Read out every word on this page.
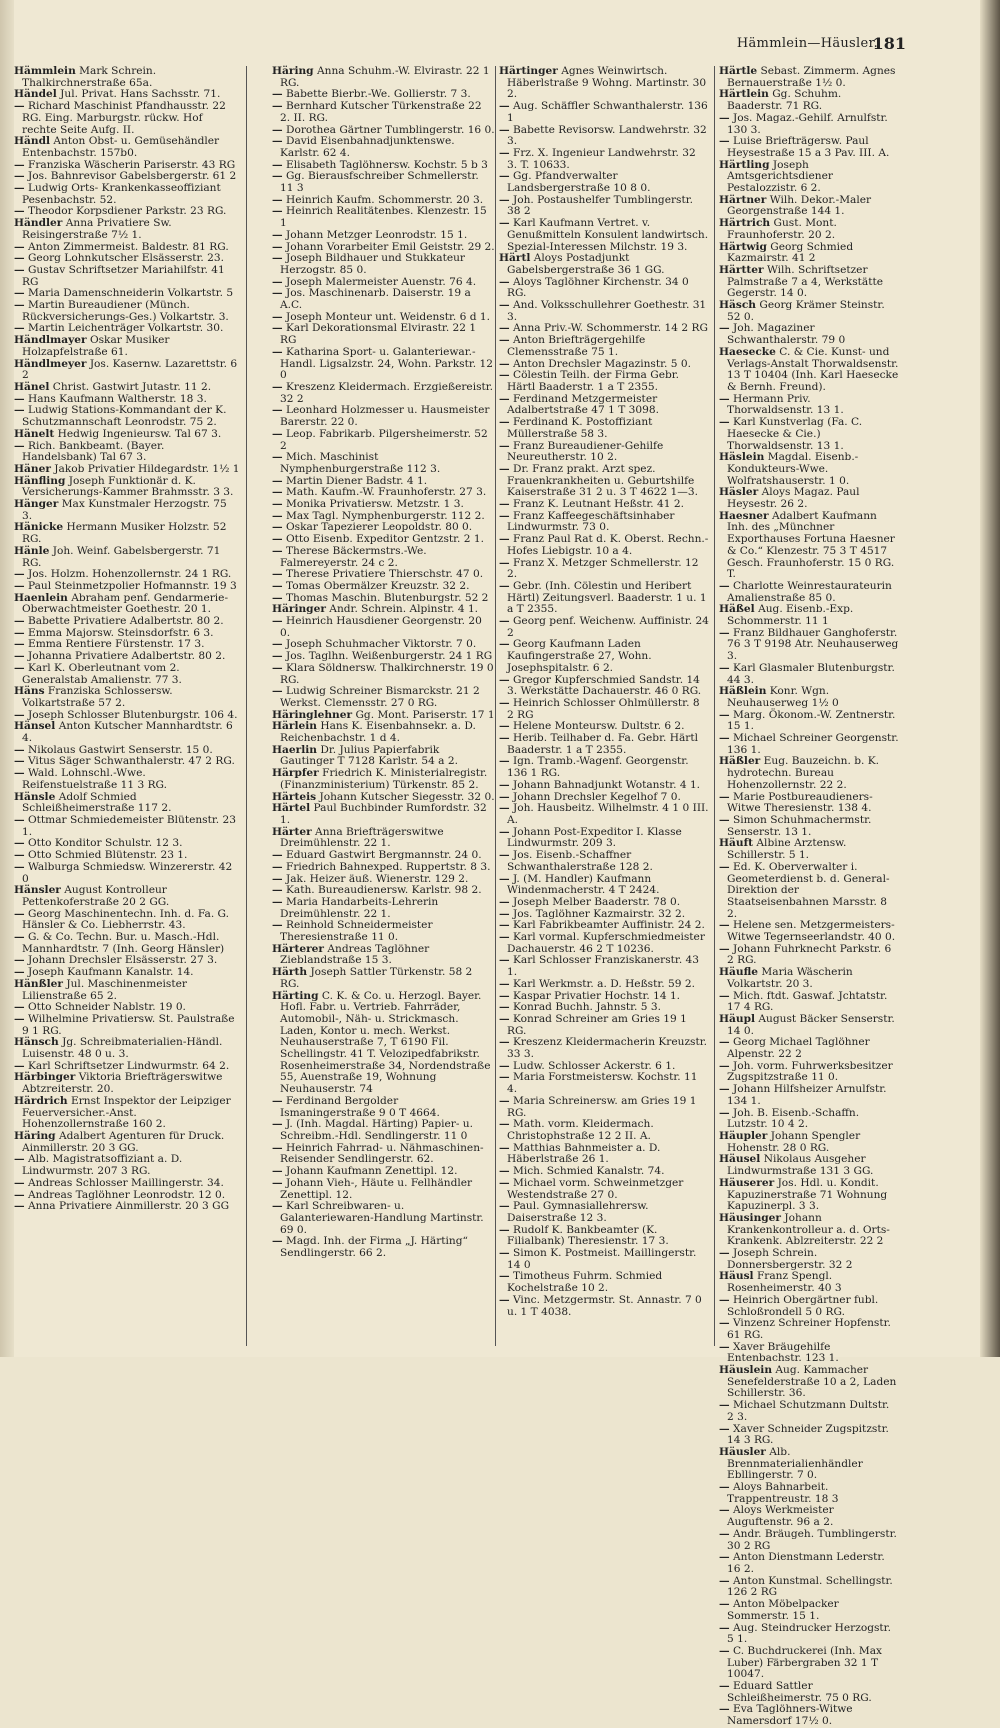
Hämmlein—Häusler.
181

Hämmlein Mark Schrein. Thalkirchnerstraße 65a.

Händel Jul. Privat. Hans Sachsstr. 71.

— Richard Maschinist Pfandhausstr. 22 RG. Eing. Marburgstr. rückw. Hof rechte Seite Aufg. II.

Händl Anton Obst- u. Gemüsehändler Entenbachstr. 157b0.

— Franziska Wäscherin Pariserstr. 43 RG

— Jos. Bahnrevisor Gabelsbergerstr. 61 2

— Ludwig Orts- Krankenkasseoffiziant Pesenbachstr. 52.

— Theodor Korpsdiener Parkstr. 23 RG.

Händler Anna Privatiere Sw. Reisingerstraße 7½ 1.

— Anton Zimmermeist. Baldestr. 81 RG.

— Georg Lohnkutscher Elsässerstr. 23.

— Gustav Schriftsetzer Mariahilfstr. 41 RG

— Maria Damenschneiderin Volkartstr. 5

— Martin Bureaudiener (Münch. Rückversicherungs-Ges.) Volkartstr. 3.

— Martin Leichenträger Volkartstr. 30.

Händlmayer Oskar Musiker Holzapfelstraße 61.

Händlmeyer Jos. Kasernw. Lazarettstr. 6 2

Hänel Christ. Gastwirt Jutastr. 11 2.

— Hans Kaufmann Waltherstr. 18 3.

— Ludwig Stations-Kommandant der K. Schutzmannschaft Leonrodstr. 75 2.

Hänelt Hedwig Ingenieursw. Tal 67 3.

— Rich. Bankbeamt. (Bayer. Handelsbank) Tal 67 3.

Häner Jakob Privatier Hildegardstr. 1½ 1

Hänfling Joseph Funktionär d. K. Versicherungs-Kammer Brahmsstr. 3 3.

Hänger Max Kunstmaler Herzogstr. 75 3.

Hänicke Hermann Musiker Holzstr. 52 RG.

Hänle Joh. Weinf. Gabelsbergerstr. 71 RG.

— Jos. Holzm. Hohenzollernstr. 24 1 RG.

— Paul Steinmetzpolier Hofmannstr. 19 3

Haenlein Abraham penf. Gendarmerie-Oberwachtmeister Goethestr. 20 1.

— Babette Privatiere Adalbertstr. 80 2.

— Emma Majorsw. Steinsdorfstr. 6 3.

— Emma Rentiere Fürstenstr. 17 3.

— Johanna Privatiere Adalbertstr. 80 2.

— Karl K. Oberleutnant vom 2. Generalstab Amalienstr. 77 3.

Häns Franziska Schlossersw. Volkartstraße 57 2.

— Joseph Schlosser Blutenburgstr. 106 4.

Hänsel Anton Kutscher Mannhardtstr. 6 4.

— Nikolaus Gastwirt Senserstr. 15 0.

— Vitus Säger Schwanthalerstr. 47 2 RG.

— Wald. Lohnschl.-Wwe. Reifenstuelstraße 11 3 RG.

Hänsle Adolf Schmied Schleißheimerstraße 117 2.

— Ottmar Schmiedemeister Blütenstr. 23 1.

— Otto Konditor Schulstr. 12 3.

— Otto Schmied Blütenstr. 23 1.

— Walburga Schmiedsw. Winzererstr. 42 0

Hänsler August Kontrolleur Pettenkoferstraße 20 2 GG.

— Georg Maschinentechn. Inh. d. Fa. G. Hänsler & Co. Liebherrstr. 43.

— G. & Co. Techn. Bur. u. Masch.-Hdl. Mannhardtstr. 7 (Inh. Georg Hänsler)

— Johann Drechsler Elsässerstr. 27 3.

— Joseph Kaufmann Kanalstr. 14.

Hänßler Jul. Maschinenmeister Lilienstraße 65 2.

— Otto Schneider Nablstr. 19 0.

— Wilhelmine Privatiersw. St. Paulstraße 9 1 RG.

Hänsch Jg. Schreibmaterialien-Händl. Luisenstr. 48 0 u. 3.

— Karl Schriftsetzer Lindwurmstr. 64 2.

Härbinger Viktoria Briefträgerswitwe Abtzreiterstr. 20.

Härdrich Ernst Inspektor der Leipziger Feuerversicher.-Anst. Hohenzollernstraße 160 2.

Häring Adalbert Agenturen für Druck. Ainmillerstr. 20 3 GG.

— Alb. Magistratsoffiziant a. D. Lindwurmstr. 207 3 RG.

— Andreas Schlosser Maillingerstr. 34.

— Andreas Taglöhner Leonrodstr. 12 0.

— Anna Privatiere Ainmillerstr. 20 3 GG

Häring Anna Schuhm.-W. Elvirastr. 22 1 RG.

— Babette Bierbr.-We. Gollierstr. 7 3.

— Bernhard Kutscher Türkenstraße 22 2. II. RG.

— Dorothea Gärtner Tumblingerstr. 16 0.

— David Eisenbahnadjunktenswe. Karlstr. 62 4.

— Elisabeth Taglöhnersw. Kochstr. 5 b 3

— Gg. Bierausfschreiber Schmellerstr. 11 3

— Heinrich Kaufm. Schommerstr. 20 3.

— Heinrich Realitätenbes. Klenzestr. 15 1

— Johann Metzger Leonrodstr. 15 1.

— Johann Vorarbeiter Emil Geiststr. 29 2.

— Joseph Bildhauer und Stukkateur Herzogstr. 85 0.

— Joseph Malermeister Auenstr. 76 4.

— Jos. Maschinenarb. Daiserstr. 19 a A.C.

— Joseph Monteur unt. Weidenstr. 6 d 1.

— Karl Dekorationsmal Elvirastr. 22 1 RG

— Katharina Sport- u. Galanteriewar.-Handl. Ligsalzstr. 24, Wohn. Parkstr. 12 0

— Kreszenz Kleidermach. Erzgießereistr. 32 2

— Leonhard Holzmesser u. Hausmeister Barerstr. 22 0.

— Leop. Fabrikarb. Pilgersheimerstr. 52 2

— Mich. Maschinist Nymphenburgerstraße 112 3.

— Martin Diener Badstr. 4 1.

— Math. Kaufm.-W. Fraunhoferstr. 27 3.

— Monika Privatiersw. Metzstr. 1 3.

— Max Tagl. Nymphenburgerstr. 112 2.

— Oskar Tapezierer Leopoldstr. 80 0.

— Otto Eisenb. Expeditor Gentzstr. 2 1.

— Therese Bäckermstrs.-We. Falmereyerstr. 24 c 2.

— Therese Privatiere Thierschstr. 47 0.

— Tomas Obermälzer Kreuzstr. 32 2.

— Thomas Maschin. Blutenburgstr. 52 2

Häringer Andr. Schrein. Alpinstr. 4 1.

— Heinrich Hausdiener Georgenstr. 20 0.

— Joseph Schuhmacher Viktorstr. 7 0.

— Jos. Taglhn. Weißenburgerstr. 24 1 RG

— Klara Söldnersw. Thalkirchnerstr. 19 0 RG.

— Ludwig Schreiner Bismarckstr. 21 2 Werkst. Clemensstr. 27 0 RG.

Häringlehner Gg. Mont. Pariserstr. 17 1

Härlein Hans K. Eisenbahnsekr. a. D. Reichenbachstr. 1 d 4.

Haerlin Dr. Julius Papierfabrik Gautinger T 7128 Karlstr. 54 a 2.

Härpfer Friedrich K. Ministerialregistr. (Finanzministerium) Türkenstr. 85 2.

Härteis Johann Kutscher Siegesstr. 32 0.

Härtel Paul Buchbinder Rumfordstr. 32 1.

Härter Anna Briefträgerswitwe Dreimühlenstr. 22 1.

— Eduard Gastwirt Bergmannstr. 24 0.

— Friedrich Bahnexped. Ruppertstr. 8 3.

— Jak. Heizer äuß. Wienerstr. 129 2.

— Kath. Bureaudienersw. Karlstr. 98 2.

— Maria Handarbeits-Lehrerin Dreimühlenstr. 22 1.

— Reinhold Schneidermeister Theresienstraße 11 0.

Härterer Andreas Taglöhner Zieblandstraße 15 3.

Härth Joseph Sattler Türkenstr. 58 2 RG.

Härting C. K. & Co. u. Herzogl. Bayer. Hofl. Fabr. u. Vertrieb. Fahrräder, Automobil-, Näh- u. Strickmasch. Laden, Kontor u. mech. Werkst. Neuhauserstraße 7, T 6190 Fil. Schellingstr. 41 T. Velozipedfabrikstr. Rosenheimerstraße 34, Nordendstraße 55, Auenstraße 19, Wohnung Neuhauserstr. 74

— Ferdinand Bergolder Ismaningerstraße 9 0 T 4664.

— J. (Inh. Magdal. Härting) Papier- u. Schreibm.-Hdl. Sendlingerstr. 11 0

— Heinrich Fahrrad- u. Nähmaschinen-Reisender Sendlingerstr. 62.

— Johann Kaufmann Zenettipl. 12.

— Johann Vieh-, Häute u. Fellhändler Zenettipl. 12.

— Karl Schreibwaren- u. Galanteriewaren-Handlung Martinstr. 69 0.

— Magd. Inh. der Firma „J. Härting“ Sendlingerstr. 66 2.

Härtinger Agnes Weinwirtsch. Häberlstraße 9 Wohng. Martinstr. 30 2.

— Aug. Schäffler Schwanthalerstr. 136 1

— Babette Revisorsw. Landwehrstr. 32 3.

— Frz. X. Ingenieur Landwehrstr. 32 3. T. 10633.

— Gg. Pfandverwalter Landsbergerstraße 10 8 0.

— Joh. Postaushelfer Tumblingerstr. 38 2

— Karl Kaufmann Vertret. v. Genußmitteln Konsulent landwirtsch. Spezial-Interessen Milchstr. 19 3.

Härtl Aloys Postadjunkt Gabelsbergerstraße 36 1 GG.

— Aloys Taglöhner Kirchenstr. 34 0 RG.

— And. Volksschullehrer Goethestr. 31 3.

— Anna Priv.-W. Schommerstr. 14 2 RG

— Anton Briefträgergehilfe Clemensstraße 75 1.

— Anton Drechsler Magazinstr. 5 0.

— Cölestin Teilh. der Firma Gebr. Härtl Baaderstr. 1 a T 2355.

— Ferdinand Metzgermeister Adalbertstraße 47 1 T 3098.

— Ferdinand K. Postoffiziant Müllerstraße 58 3.

— Franz Bureaudiener-Gehilfe Neureutherstr. 10 2.

— Dr. Franz prakt. Arzt spez. Frauenkrankheiten u. Geburtshilfe Kaiserstraße 31 2 u. 3 T 4622 1—3.

— Franz K. Leutnant Heßstr. 41 2.

— Franz Kaffeegeschäftsinhaber Lindwurmstr. 73 0.

— Franz Paul Rat d. K. Oberst. Rechn.-Hofes Liebigstr. 10 a 4.

— Franz X. Metzger Schmellerstr. 12 2.

— Gebr. (Inh. Cölestin und Heribert Härtl) Zeitungsverl. Baaderstr. 1 u. 1 a T 2355.

— Georg penf. Weichenw. Auffinistr. 24 2

— Georg Kaufmann Laden Kaufingerstraße 27, Wohn. Josephspitalstr. 6 2.

— Gregor Kupferschmied Sandstr. 14 3. Werkstätte Dachauerstr. 46 0 RG.

— Heinrich Schlosser Ohlmüllerstr. 8 2 RG

— Helene Monteursw. Dultstr. 6 2.

— Herib. Teilhaber d. Fa. Gebr. Härtl Baaderstr. 1 a T 2355.

— Ign. Tramb.-Wagenf. Georgenstr. 136 1 RG.

— Johann Bahnadjunkt Wotanstr. 4 1.

— Johann Drechsler Kegelhof 7 0.

— Joh. Hausbeitz. Wilhelmstr. 4 1 0 III. A.

— Johann Post-Expeditor I. Klasse Lindwurmstr. 209 3.

— Jos. Eisenb.-Schaffner Schwanthalerstraße 128 2.

— J. (M. Handler) Kaufmann Windenmacherstr. 4 T 2424.

— Joseph Melber Baaderstr. 78 0.

— Jos. Taglöhner Kazmairstr. 32 2.

— Karl Fabrikbeamter Auffinistr. 24 2.

— Karl vormal. Kupferschmiedmeister Dachauerstr. 46 2 T 10236.

— Karl Schlosser Franziskanerstr. 43 1.

— Karl Werkmstr. a. D. Heßstr. 59 2.

— Kaspar Privatier Hochstr. 14 1.

— Konrad Buchh. Jahnstr. 5 3.

— Konrad Schreiner am Gries 19 1 RG.

— Kreszenz Kleidermacherin Kreuzstr. 33 3.

— Ludw. Schlosser Ackerstr. 6 1.

— Maria Forstmeistersw. Kochstr. 11 4.

— Maria Schreinersw. am Gries 19 1 RG.

— Math. vorm. Kleidermach. Christophstraße 12 2 II. A.

— Matthias Bahnmeister a. D. Häberlstraße 26 1.

— Mich. Schmied Kanalstr. 74.

— Michael vorm. Schweinmetzger Westendstraße 27 0.

— Paul. Gymnasiallehrersw. Daiserstraße 12 3.

— Rudolf K. Bankbeamter (K. Filialbank) Theresienstr. 17 3.

— Simon K. Postmeist. Maillingerstr. 14 0

— Timotheus Fuhrm. Schmied Kochelstraße 10 2.

— Vinc. Metzgermstr. St. Annastr. 7 0 u. 1 T 4038.

Härtle Sebast. Zimmerm. Agnes Bernauerstraße 1½ 0.

Härtlein Gg. Schuhm. Baaderstr. 71 RG.

— Jos. Magaz.-Gehilf. Arnulfstr. 130 3.

— Luise Briefträgersw. Paul Heysestraße 15 a 3 Pav. III. A.

Härtling Joseph Amtsgerichtsdiener Pestalozzistr. 6 2.

Härtner Wilh. Dekor.-Maler Georgenstraße 144 1.

Härtrich Gust. Mont. Fraunhoferstr. 20 2.

Härtwig Georg Schmied Kazmairstr. 41 2

Härtter Wilh. Schriftsetzer Palmstraße 7 a 4, Werkstätte Gegerstr. 14 0.

Häsch Georg Krämer Steinstr. 52 0.

— Joh. Magaziner Schwanthalerstr. 79 0

Haesecke C. & Cie. Kunst- und Verlags-Anstalt Thorwaldsenstr. 13 T 10404 (Inh. Karl Haesecke & Bernh. Freund).

— Hermann Priv. Thorwaldsenstr. 13 1.

— Karl Kunstverlag (Fa. C. Haesecke & Cie.) Thorwaldsenstr. 13 1.

Häslein Magdal. Eisenb.-Kondukteurs-Wwe. Wolfratshauserstr. 1 0.

Häsler Aloys Magaz. Paul Heysestr. 26 2.

Haesner Adalbert Kaufmann Inh. des „Münchner Exporthauses Fortuna Haesner & Co.“ Klenzestr. 75 3 T 4517 Gesch. Fraunhoferstr. 15 0 RG. T.

— Charlotte Weinrestaurateurin Amalienstraße 85 0.

Häßel Aug. Eisenb.-Exp. Schommerstr. 11 1

— Franz Bildhauer Ganghoferstr. 76 3 T 9198 Atr. Neuhauserweg 3.

— Karl Glasmaler Blutenburgstr. 44 3.

Häßlein Konr. Wgn. Neuhauserweg 1½ 0

— Marg. Ökonom.-W. Zentnerstr. 15 1.

— Michael Schreiner Georgenstr. 136 1.

Häßler Eug. Bauzeichn. b. K. hydrotechn. Bureau Hohenzollernstr. 22 2.

— Marie Postbureaudieners-Witwe Theresienstr. 138 4.

— Simon Schuhmachermstr. Senserstr. 13 1.

Häuft Albine Arztensw. Schillerstr. 5 1.

— Ed. K. Oberverwalter i. Geometerdienst b. d. General-Direktion der Staatseisenbahnen Marsstr. 8 2.

— Helene sen. Metzgermeisters-Witwe Tegernseerlandstr. 40 0.

— Johann Fuhrknecht Parkstr. 6 2 RG.

Häufle Maria Wäscherin Volkartstr. 20 3.

— Mich. ftdt. Gaswaf. Jchtatstr. 17 4 RG.

Häupl August Bäcker Senserstr. 14 0.

— Georg Michael Taglöhner Alpenstr. 22 2

— Joh. vorm. Fuhrwerksbesitzer Zugspitzstraße 11 0.

— Johann Hilfsheizer Arnulfstr. 134 1.

— Joh. B. Eisenb.-Schaffn. Lutzstr. 10 4 2.

Häupler Johann Spengler Hohenstr. 28 0 RG.

Häusel Nikolaus Ausgeher Lindwurmstraße 131 3 GG.

Häuserer Jos. Hdl. u. Kondit. Kapuzinerstraße 71 Wohnung Kapuzinerpl. 3 3.

Häusinger Johann Krankenkontrolleur a. d. Orts-Krankenk. Ablzreiterstr. 22 2

— Joseph Schrein. Donnersbergerstr. 32 2

Häusl Franz Spengl. Rosenheimerstr. 40 3

— Heinrich Obergärtner fubl. Schloßrondell 5 0 RG.

— Vinzenz Schreiner Hopfenstr. 61 RG.

— Xaver Bräugehilfe Entenbachstr. 123 1.

Häuslein Aug. Kammacher Senefelderstraße 10 a 2, Laden Schillerstr. 36.

— Michael Schutzmann Dultstr. 2 3.

— Xaver Schneider Zugspitzstr. 14 3 RG.

Häusler Alb. Brennmaterialienhändler Ebllingerstr. 7 0.

— Aloys Bahnarbeit. Trappentreustr. 18 3

— Aloys Werkmeister Auguftenstr. 96 a 2.

— Andr. Bräugeh. Tumblingerstr. 30 2 RG

— Anton Dienstmann Lederstr. 16 2.

— Anton Kunstmal. Schellingstr. 126 2 RG

— Anton Möbelpacker Sommerstr. 15 1.

— Aug. Steindrucker Herzogstr. 5 1.

— C. Buchdruckerei (Inh. Max Luber) Färbergraben 32 1 T 10047.

— Eduard Sattler Schleißheimerstr. 75 0 RG.

— Eva Taglöhners-Witwe Namersdorf 17½ 0.
